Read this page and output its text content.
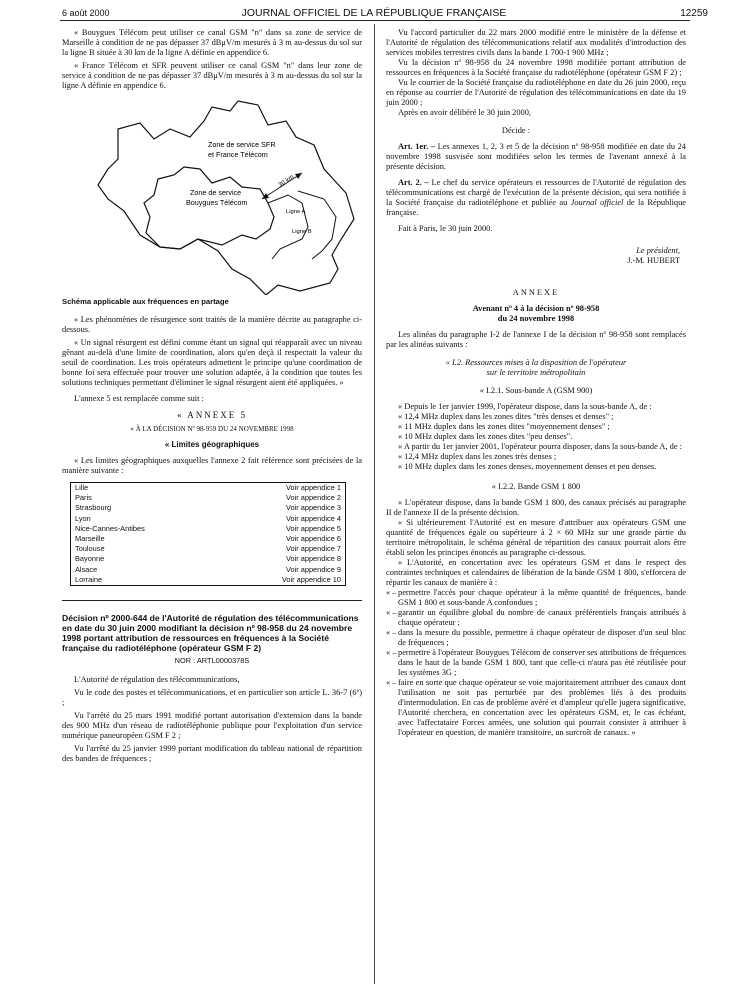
6 août 2000	JOURNAL OFFICIEL DE LA RÉPUBLIQUE FRANÇAISE	12259

« Bouygues Télécom peut utiliser ce canal GSM "n" dans sa zone de service de Marseille à condition de ne pas dépasser 37 dBμV/m mesurés à 3 m au-dessus du sol sur la ligne B située à 30 km de la ligne A définie en appendice 6.

« France Télécom et SFR peuvent utiliser ce canal GSM "n" dans leur zone de service à condition de ne pas dépasser 37 dBμV/m mesurés à 3 m au-dessus du sol sur la ligne A définie en appendice 6.

Zone de service SFR
et France Télécom
Zone de service
Bouygues Télécom
30 km
Ligne A
Ligne B

Schéma applicable aux fréquences en partage

« Les phénomènes de résurgence sont traités de la manière décrite au paragraphe ci-dessous.

« Un signal résurgent est défini comme étant un signal qui réapparaît avec un niveau gênant au-delà d'une limite de coordination, alors qu'en deçà il respectait la valeur du seuil de coordination. Les trois opérateurs admettent le principe qu'une coordination de bonne foi sera effectuée pour trouver une solution adaptée, à la condition que toutes les solutions techniques permettant d'éliminer le signal résurgent aient été appliquées. »

L'annexe 5 est remplacée comme suit :

« ANNEXE 5

« À LA DÉCISION Nº 98-959 DU 24 NOVEMBRE 1998

« Limites géographiques

« Les limites géographiques auxquelles l'annexe 2 fait référence sont précisées de la manière suivante :

Lille	Voir appendice 1
Paris	Voir appendice 2
Strasbourg	Voir appendice 3
Lyon	Voir appendice 4
Nice-Cannes-Antibes	Voir appendice 5
Marseille	Voir appendice 6
Toulouse	Voir appendice 7
Bayonne	Voir appendice 8
Alsace	Voir appendice 9
Lorraine	Voir appendice 10

Décision nº 2000-644 de l'Autorité de régulation des télécommunications en date du 30 juin 2000 modifiant la décision nº 98-958 du 24 novembre 1998 portant attribution de ressources en fréquences à la Société française du radiotéléphone (opérateur GSM F 2)

NOR : ARTL0000378S

L'Autorité de régulation des télécommunications,

Vu le code des postes et télécommunications, et en particulier son article L. 36-7 (6º) ;

Vu l'arrêté du 25 mars 1991 modifié portant autorisation d'extension dans la bande des 900 MHz d'un réseau de radiotéléphonie publique pour l'exploitation d'un service numérique paneuropéen GSM F 2 ;

Vu l'arrêté du 25 janvier 1999 portant modification du tableau national de répartition des bandes de fréquences ;

Vu l'accord particulier du 22 mars 2000 modifié entre le ministère de la défense et l'Autorité de régulation des télécommunications relatif aux modalités d'introduction des services mobiles terrestres civils dans la bande 1 700-1 900 MHz ;

Vu la décision nº 98-958 du 24 novembre 1998 modifiée portant attribution de ressources en fréquences à la Société française du radiotéléphone (opérateur GSM F 2) ;

Vu le courrier de la Société française du radiotéléphone en date du 26 juin 2000, reçu en réponse au courrier de l'Autorité de régulation des télécommunications en date du 19 juin 2000 ;

Après en avoir délibéré le 30 juin 2000,

Décide :

Art. 1er. – Les annexes 1, 2, 3 et 5 de la décision nº 98-958 modifiée en date du 24 novembre 1998 susvisée sont modifiées selon les termes de l'avenant annexé à la présente décision.

Art. 2. – Le chef du service opérateurs et ressources de l'Autorité de régulation des télécommunications est chargé de l'exécution de la présente décision, qui sera notifiée à la Société française du radiotéléphone et publiée au Journal officiel de la République française.

Fait à Paris, le 30 juin 2000.

Le président,

J.-M. HUBERT

ANNEXE

Avenant nº 4 à la décision nº 98-958

du 24 novembre 1998

Les alinéas du paragraphe I-2 de l'annexe I de la décision nº 98-958 sont remplacés par les alinéas suivants :

« I.2. Ressources mises à la disposition de l'opérateur

sur le territoire métropolitain

« I.2.1. Sous-bande A (GSM 900)

« Depuis le 1er janvier 1999, l'opérateur dispose, dans la sous-bande A, de :

« 12,4 MHz duplex dans les zones dites "très denses et denses" ;

« 11 MHz duplex dans les zones dites "moyennement denses" ;

« 10 MHz duplex dans les zones dites "peu denses".

« A partir du 1er janvier 2001, l'opérateur pourra disposer, dans la sous-bande A, de :

« 12,4 MHz duplex dans les zones très denses ;

« 10 MHz duplex dans les zones denses, moyennement denses et peu denses.

« I.2.2. Bande GSM 1 800

« L'opérateur dispose, dans la bande GSM 1 800, des canaux précisés au paragraphe II de l'annexe II de la présente décision.

« Si ultérieurement l'Autorité est en mesure d'attribuer aux opérateurs GSM une quantité de fréquences égale ou supérieure à 2 × 60 MHz sur une grande partie du territoire métropolitain, le schéma général de répartition des canaux pourrait alors être établi selon les principes énoncés au paragraphe ci-dessous.

« L'Autorité, en concertation avec les opérateurs GSM et dans le respect des contraintes techniques et calendaires de libération de la bande GSM 1 800, s'efforcera de répartir les canaux de manière à :

« – permettre l'accès pour chaque opérateur à la même quantité de fréquences, bande GSM 1 800 et sous-bande A confondues ;
« – garantir un équilibre global du nombre de canaux préférentiels français attribués à chaque opérateur ;
« – dans la mesure du possible, permettre à chaque opérateur de disposer d'un seul bloc de fréquences ;
« – permettre à l'opérateur Bouygues Télécom de conserver ses attributions de fréquences dans le haut de la bande GSM 1 800, tant que celle-ci n'aura pas été réutilisée pour les systèmes 3G ;
« – faire en sorte que chaque opérateur se voie majoritairement attribuer des canaux dont l'utilisation ne soit pas perturbée par des problèmes liés à des produits d'intermodulation. En cas de problème avéré et d'ampleur qu'elle jugera significative, l'Autorité cherchera, en concertation avec les opérateurs GSM, et, le cas échéant, avec l'affectataire Forces armées, une solution qui pourrait consister à attribuer à l'opérateur en question, de manière transitoire, un surcroît de canaux. »
